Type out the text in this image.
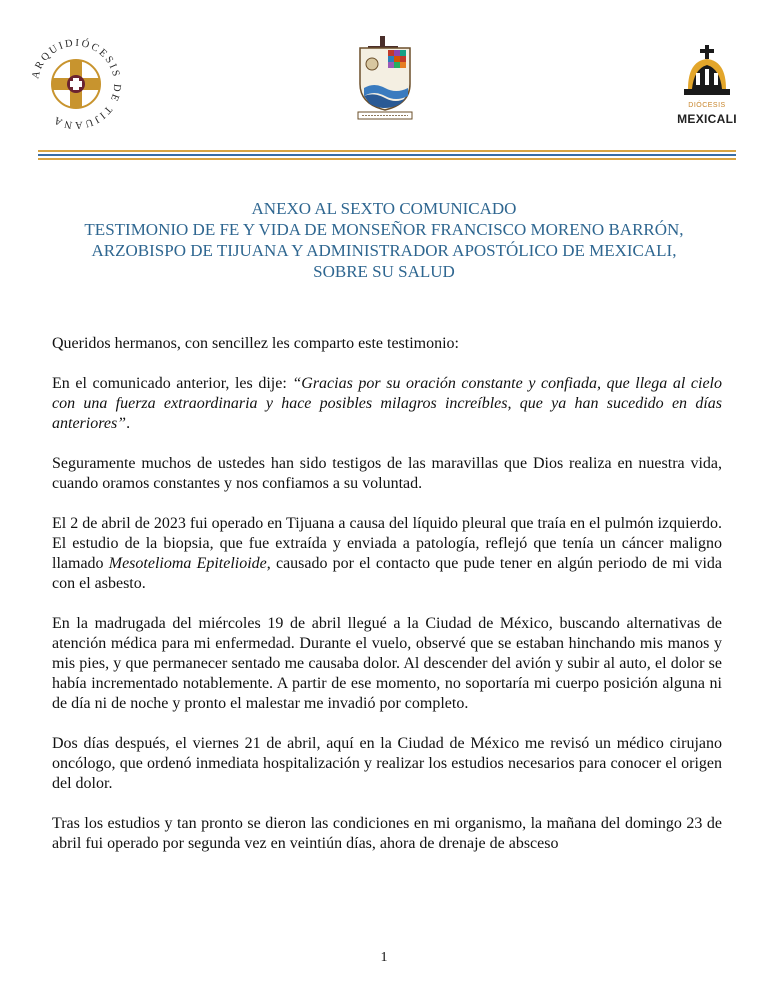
ARQUIDIÓCESIS DE TIJUANA
DIÓCESIS
MEXICALI
ANEXO AL SEXTO COMUNICADO
TESTIMONIO DE FE Y VIDA DE MONSEÑOR FRANCISCO MORENO BARRÓN,
ARZOBISPO DE TIJUANA Y ADMINISTRADOR APOSTÓLICO DE MEXICALI,
SOBRE SU SALUD

Queridos hermanos, con sencillez les comparto este testimonio:

En el comunicado anterior, les dije: “Gracias por su oración constante y confiada, que llega al cielo con una fuerza extraordinaria y hace posibles milagros increíbles, que ya han sucedido en días anteriores”.

Seguramente muchos de ustedes han sido testigos de las maravillas que Dios realiza en nuestra vida, cuando oramos constantes y nos confiamos a su voluntad.

El 2 de abril de 2023 fui operado en Tijuana a causa del líquido pleural que traía en el pulmón izquierdo. El estudio de la biopsia, que fue extraída y enviada a patología, reflejó que tenía un cáncer maligno llamado Mesotelioma Epitelioide, causado por el contacto que pude tener en algún periodo de mi vida con el asbesto.

En la madrugada del miércoles 19 de abril llegué a la Ciudad de México, buscando alternativas de atención médica para mi enfermedad. Durante el vuelo, observé que se estaban hinchando mis manos y mis pies, y que permanecer sentado me causaba dolor. Al descender del avión y subir al auto, el dolor se había incrementado notablemente. A partir de ese momento, no soportaría mi cuerpo posición alguna ni de día ni de noche y pronto el malestar me invadió por completo.

Dos días después, el viernes 21 de abril, aquí en la Ciudad de México me revisó un médico cirujano oncólogo, que ordenó inmediata hospitalización y realizar los estudios necesarios para conocer el origen del dolor.

Tras los estudios y tan pronto se dieron las condiciones en mi organismo, la mañana del domingo 23 de abril fui operado por segunda vez en veintiún días, ahora de drenaje de absceso

1
